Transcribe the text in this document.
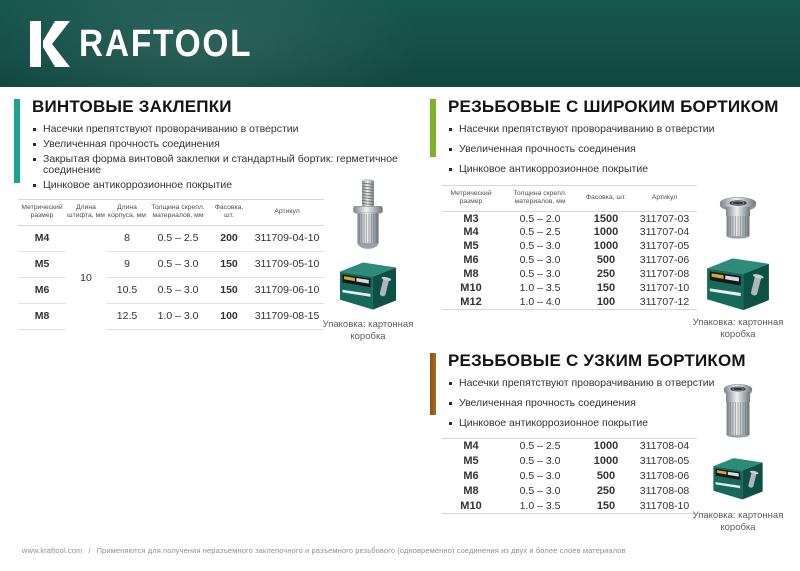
RAFTOOL
ВИНТОВЫЕ ЗАКЛЕПКИ
Насечки препятствуют проворачиванию в отверстии
Увеличенная прочность соединения
Закрытая форма винтовой заклепки и стандартный бортик: герметичное соединение
Цинковое антикоррозионное покрытие
Метрический размер	Длина штифта, мм	Длина корпуса, мм	Толщина скрепл. материалов, мм	Фасовка, шт.	Артикул
M4	10	8	0.5 – 2.5	200	311709-04-10
M5		9	0.5 – 3.0	150	311709-05-10
M6		10.5	0.5 – 3.0	150	311709-06-10
M8		12.5	1.0 – 3.0	100	311709-08-15
Упаковка: картонная коробка
РЕЗЬБОВЫЕ С ШИРОКИМ БОРТИКОМ
Насечки препятствуют проворачиванию в отверстии
Увеличенная прочность соединения
Цинковое антикоррозионное покрытие
Метрический размер	Толщина скрепл. материалов, мм	Фасовка, шт.	Артикул
M3	0.5 – 2.0	1500	311707-03
M4	0.5 – 2.5	1000	311707-04
M5	0.5 – 3.0	1000	311707-05
M6	0.5 – 3.0	500	311707-06
M8	0.5 – 3.0	250	311707-08
M10	1.0 – 3.5	150	311707-10
M12	1.0 – 4.0	100	311707-12
Упаковка: картонная коробка
РЕЗЬБОВЫЕ С УЗКИМ БОРТИКОМ
Насечки препятствуют проворачиванию в отверстии
Увеличенная прочность соединения
Цинковое антикоррозионное покрытие
M4	0.5 – 2.5	1000	311708-04
M5	0.5 – 3.0	1000	311708-05
M6	0.5 – 3.0	500	311708-06
M8	0.5 – 3.0	250	311708-08
M10	1.0 – 3.5	150	311708-10
Упаковка: картонная коробка
www.kraftool.com / Применяются для получения неразъемного заклепочного и разъемного резьбового (одновременно) соединения из двух и более слоев материалов
